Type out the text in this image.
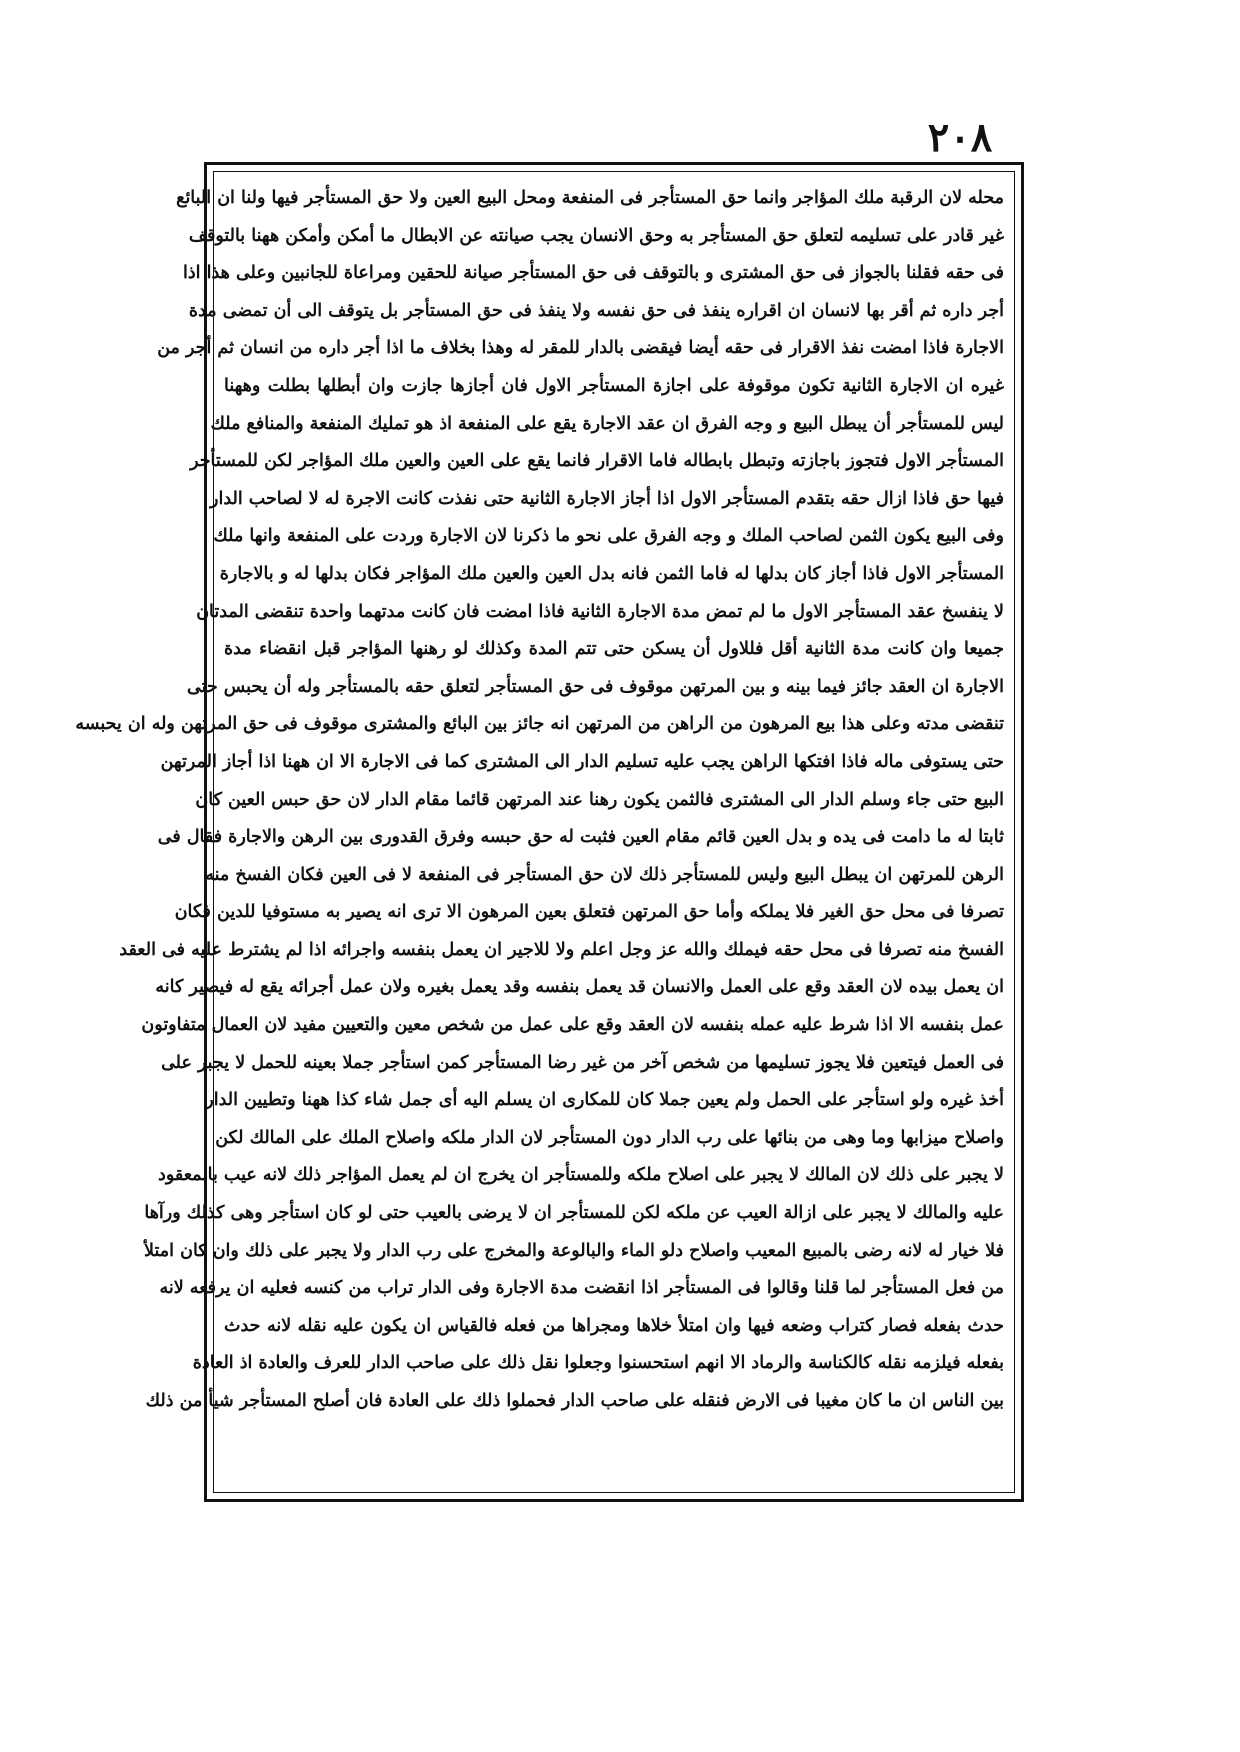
٢٠٨
محله لان الرقبة ملك المؤاجر وانما حق المستأجر فى المنفعة ومحل البيع العين ولا حق المستأجر فيها ولنا ان البائع
غير قادر على تسليمه لتعلق حق المستأجر به وحق الانسان يجب صيانته عن الابطال ما أمكن وأمكن ههنا بالتوقف
فى حقه فقلنا بالجواز فى حق المشترى و بالتوقف فى حق المستأجر صيانة للحقين ومراعاة للجانبين وعلى هذا اذا
أجر داره ثم أقر بها لانسان ان اقراره ينفذ فى حق نفسه ولا ينفذ فى حق المستأجر بل يتوقف الى أن تمضى مدة
الاجارة فاذا امضت نفذ الاقرار فى حقه أيضا فيقضى بالدار للمقر له وهذا بخلاف ما اذا أجر داره من انسان ثم أجر من
غيره ان الاجارة الثانية تكون موقوفة على اجازة المستأجر الاول فان أجازها جازت وان أبطلها بطلت وههنا
ليس للمستأجر أن يبطل البيع و وجه الفرق ان عقد الاجارة يقع على المنفعة اذ هو تمليك المنفعة والمنافع ملك
المستأجر الاول فتجوز باجازته وتبطل بابطاله فاما الاقرار فانما يقع على العين والعين ملك المؤاجر لكن للمستأجر
فيها حق فاذا ازال حقه بتقدم المستأجر الاول اذا أجاز الاجارة الثانية حتى نفذت كانت الاجرة له لا لصاحب الدار
وفى البيع يكون الثمن لصاحب الملك و وجه الفرق على نحو ما ذكرنا لان الاجارة وردت على المنفعة وانها ملك
المستأجر الاول فاذا أجاز كان بدلها له فاما الثمن فانه بدل العين والعين ملك المؤاجر فكان بدلها له و بالاجارة
لا ينفسخ عقد المستأجر الاول ما لم تمض مدة الاجارة الثانية فاذا امضت فان كانت مدتهما واحدة تنقضى المدتان
جميعا وان كانت مدة الثانية أقل فللاول أن يسكن حتى تتم المدة وكذلك لو رهنها المؤاجر قبل انقضاء مدة
الاجارة ان العقد جائز فيما بينه و بين المرتهن موقوف فى حق المستأجر لتعلق حقه بالمستأجر وله أن يحبس حتى
تنقضى مدته وعلى هذا بيع المرهون من الراهن من المرتهن انه جائز بين البائع والمشترى موقوف فى حق المرتهن وله ان يحبسه
حتى يستوفى ماله فاذا افتكها الراهن يجب عليه تسليم الدار الى المشترى كما فى الاجارة الا ان ههنا اذا أجاز المرتهن
البيع حتى جاء وسلم الدار الى المشترى فالثمن يكون رهنا عند المرتهن قائما مقام الدار لان حق حبس العين كان
ثابتا له ما دامت فى يده و بدل العين قائم مقام العين فثبت له حق حبسه وفرق القدورى بين الرهن والاجارة فقال فى
الرهن للمرتهن ان يبطل البيع وليس للمستأجر ذلك لان حق المستأجر فى المنفعة لا فى العين فكان الفسخ منه
تصرفا فى محل حق الغير فلا يملكه وأما حق المرتهن فتعلق بعين المرهون الا ترى انه يصير به مستوفيا للدين فكان
الفسخ منه تصرفا فى محل حقه فيملك والله عز وجل اعلم ولا للاجير ان يعمل بنفسه واجرائه اذا لم يشترط عليه فى العقد
ان يعمل بيده لان العقد وقع على العمل والانسان قد يعمل بنفسه وقد يعمل بغيره ولان عمل أجرائه يقع له فيصير كانه
عمل بنفسه الا اذا شرط عليه عمله بنفسه لان العقد وقع على عمل من شخص معين والتعيين مفيد لان العمال متفاوتون
فى العمل فيتعين فلا يجوز تسليمها من شخص آخر من غير رضا المستأجر كمن استأجر جملا بعينه للحمل لا يجبر على
أخذ غيره ولو استأجر على الحمل ولم يعين جملا كان للمكارى ان يسلم اليه أى جمل شاء كذا ههنا وتطيين الدار
واصلاح ميزابها وما وهى من بنائها على رب الدار دون المستأجر لان الدار ملكه واصلاح الملك على المالك لكن
لا يجبر على ذلك لان المالك لا يجبر على اصلاح ملكه وللمستأجر ان يخرج ان لم يعمل المؤاجر ذلك لانه عيب بالمعقود
عليه والمالك لا يجبر على ازالة العيب عن ملكه لكن للمستأجر ان لا يرضى بالعيب حتى لو كان استأجر وهى كذلك ورآها
فلا خيار له لانه رضى بالمبيع المعيب واصلاح دلو الماء والبالوعة والمخرج على رب الدار ولا يجبر على ذلك وان كان امتلأ
من فعل المستأجر لما قلنا وقالوا فى المستأجر اذا انقضت مدة الاجارة وفى الدار تراب من كنسه فعليه ان يرفعه لانه
حدث بفعله فصار كتراب وضعه فيها وان امتلأ خلاها ومجراها من فعله فالقياس ان يكون عليه نقله لانه حدث
بفعله فيلزمه نقله كالكناسة والرماد الا انهم استحسنوا وجعلوا نقل ذلك على صاحب الدار للعرف والعادة اذ العادة
بين الناس ان ما كان مغيبا فى الارض فنقله على صاحب الدار فحملوا ذلك على العادة فان أصلح المستأجر شيأ من ذلك
